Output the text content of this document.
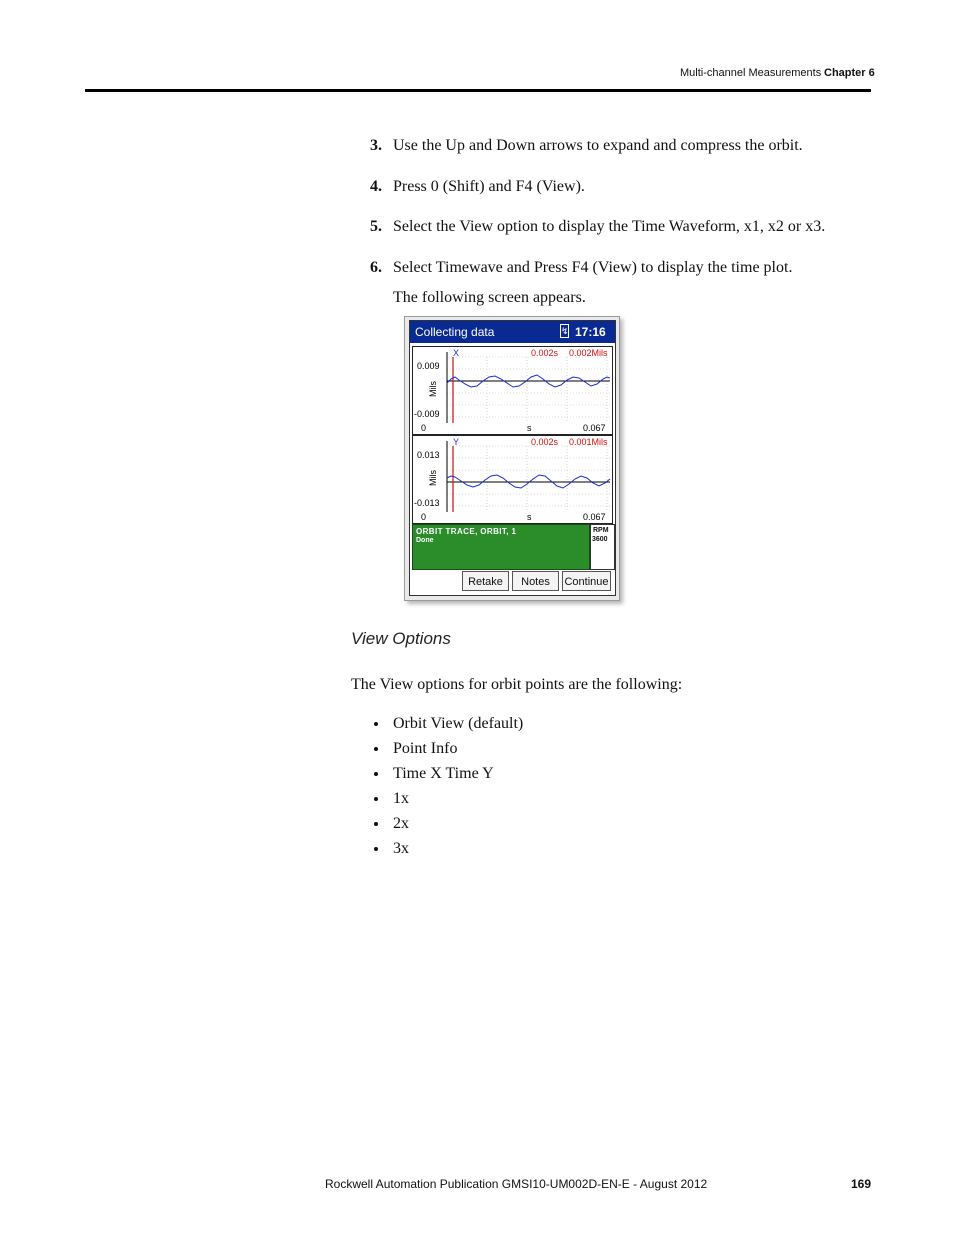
Multi-channel Measurements Chapter 6
3. Use the Up and Down arrows to expand and compress the orbit.
4. Press 0 (Shift) and F4 (View).
5. Select the View option to display the Time Waveform, x1, x2 or x3.
6. Select Timewave and Press F4 (View) to display the time plot.
The following screen appears.
Collecting data	↯ 17:16
X	0.002s 0.002Mils
0.009
-0.009
Mils
0	s	0.067
Y	0.002s 0.001Mils
0.013
-0.013
Mils
0	s	0.067
ORBIT TRACE, ORBIT, 1
Done
RPM
3600
Retake	Notes	Continue
View Options
The View options for orbit points are the following:
Orbit View (default)
Point Info
Time X Time Y
1x
2x
3x
Rockwell Automation Publication GMSI10-UM002D-EN-E - August 2012	169
